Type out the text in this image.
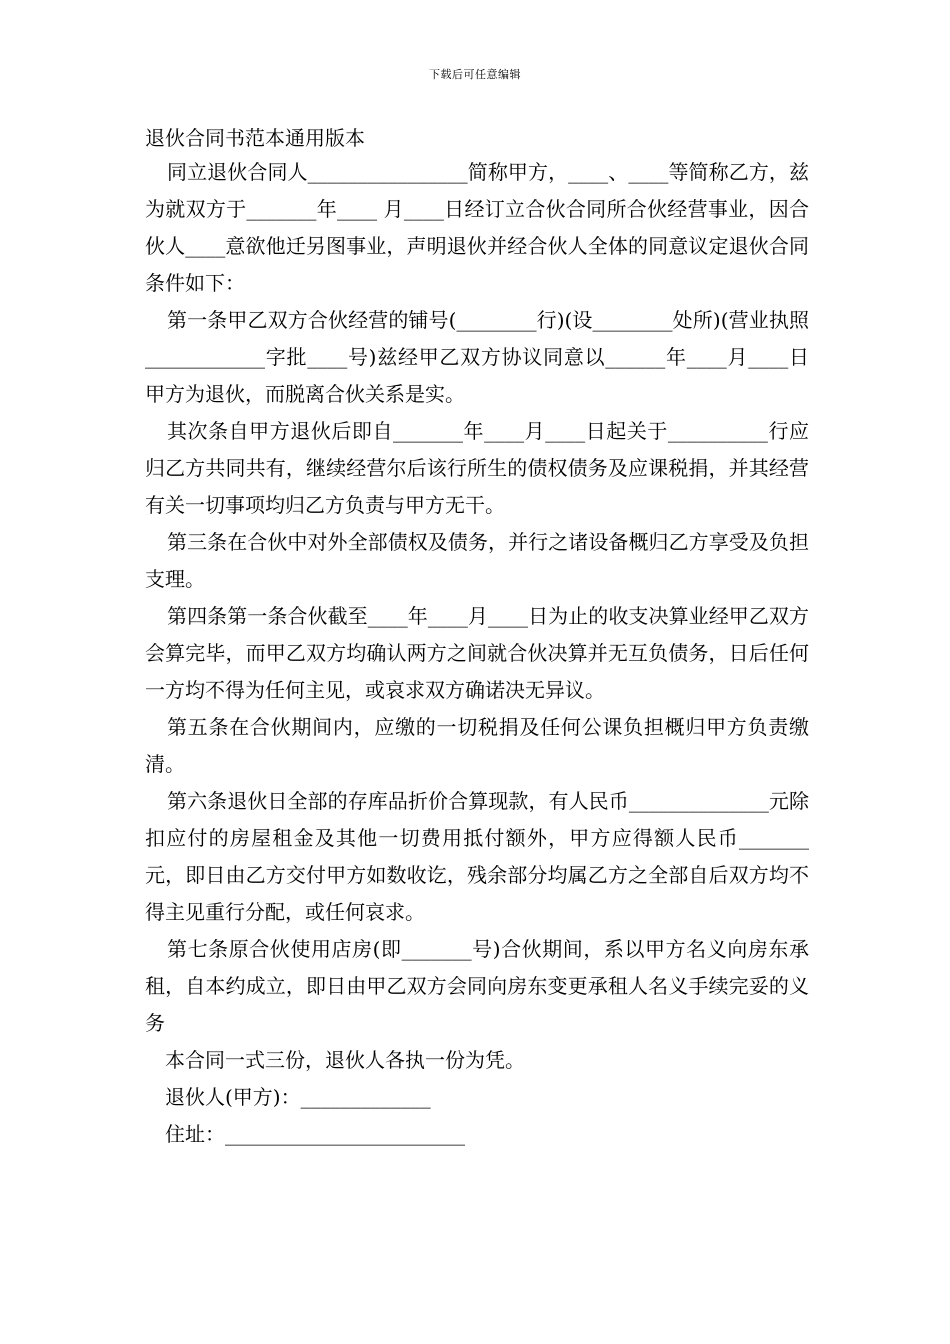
下载后可任意编辑
退伙合同书范本通用版本

同立退伙合同人________________简称甲方，____、____等简称乙方，兹为就双方于_______年____ 月____日经订立合伙合同所合伙经营事业，因合伙人____意欲他迁另图事业，声明退伙并经合伙人全体的同意议定退伙合同条件如下：

第一条甲乙双方合伙经营的铺号(________行)(设________处所)(营业执照____________字批____号)兹经甲乙双方协议同意以______年____月____日甲方为退伙，而脱离合伙关系是实。

其次条自甲方退伙后即自_______年____月____日起关于__________行应归乙方共同共有，继续经营尔后该行所生的债权债务及应课税捐，并其经营有关一切事项均归乙方负责与甲方无干。

第三条在合伙中对外全部债权及债务，并行之诸设备概归乙方享受及负担支理。

第四条第一条合伙截至____年____月____日为止的收支决算业经甲乙双方会算完毕，而甲乙双方均确认两方之间就合伙决算并无互负债务，日后任何一方均不得为任何主见，或哀求双方确诺决无异议。

第五条在合伙期间内，应缴的一切税捐及任何公课负担概归甲方负责缴清。

第六条退伙日全部的存库品折价合算现款，有人民币______________元除扣应付的房屋租金及其他一切费用抵付额外，甲方应得额人民币_______元，即日由乙方交付甲方如数收讫，残余部分均属乙方之全部自后双方均不得主见重行分配，或任何哀求。

第七条原合伙使用店房(即_______号)合伙期间，系以甲方名义向房东承租，自本约成立，即日由甲乙双方会同向房东变更承租人名义手续完妥的义务

本合同一式三份，退伙人各执一份为凭。

退伙人(甲方)：_____________

住址：________________________
